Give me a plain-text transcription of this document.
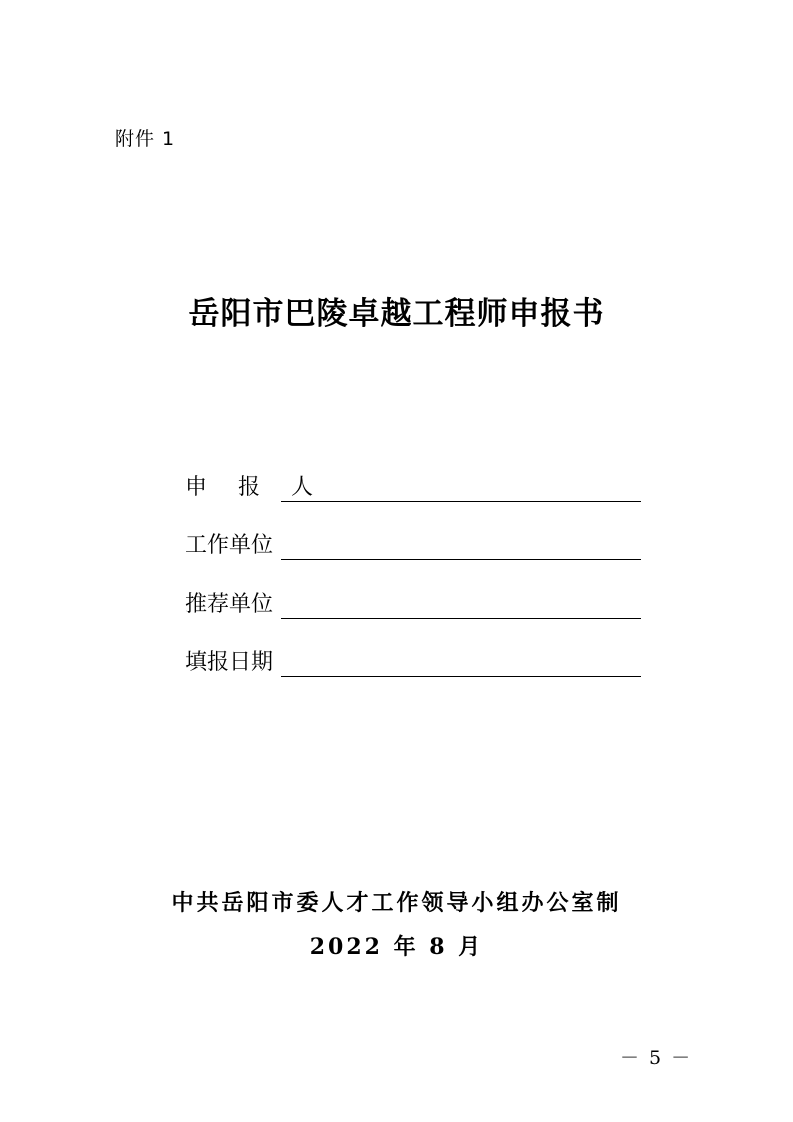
附件 1
岳阳市巴陵卓越工程师申报书
申 报 人
工作单位
推荐单位
填报日期
中共岳阳市委人才工作领导小组办公室制
2022 年 8 月
－ 5 －
